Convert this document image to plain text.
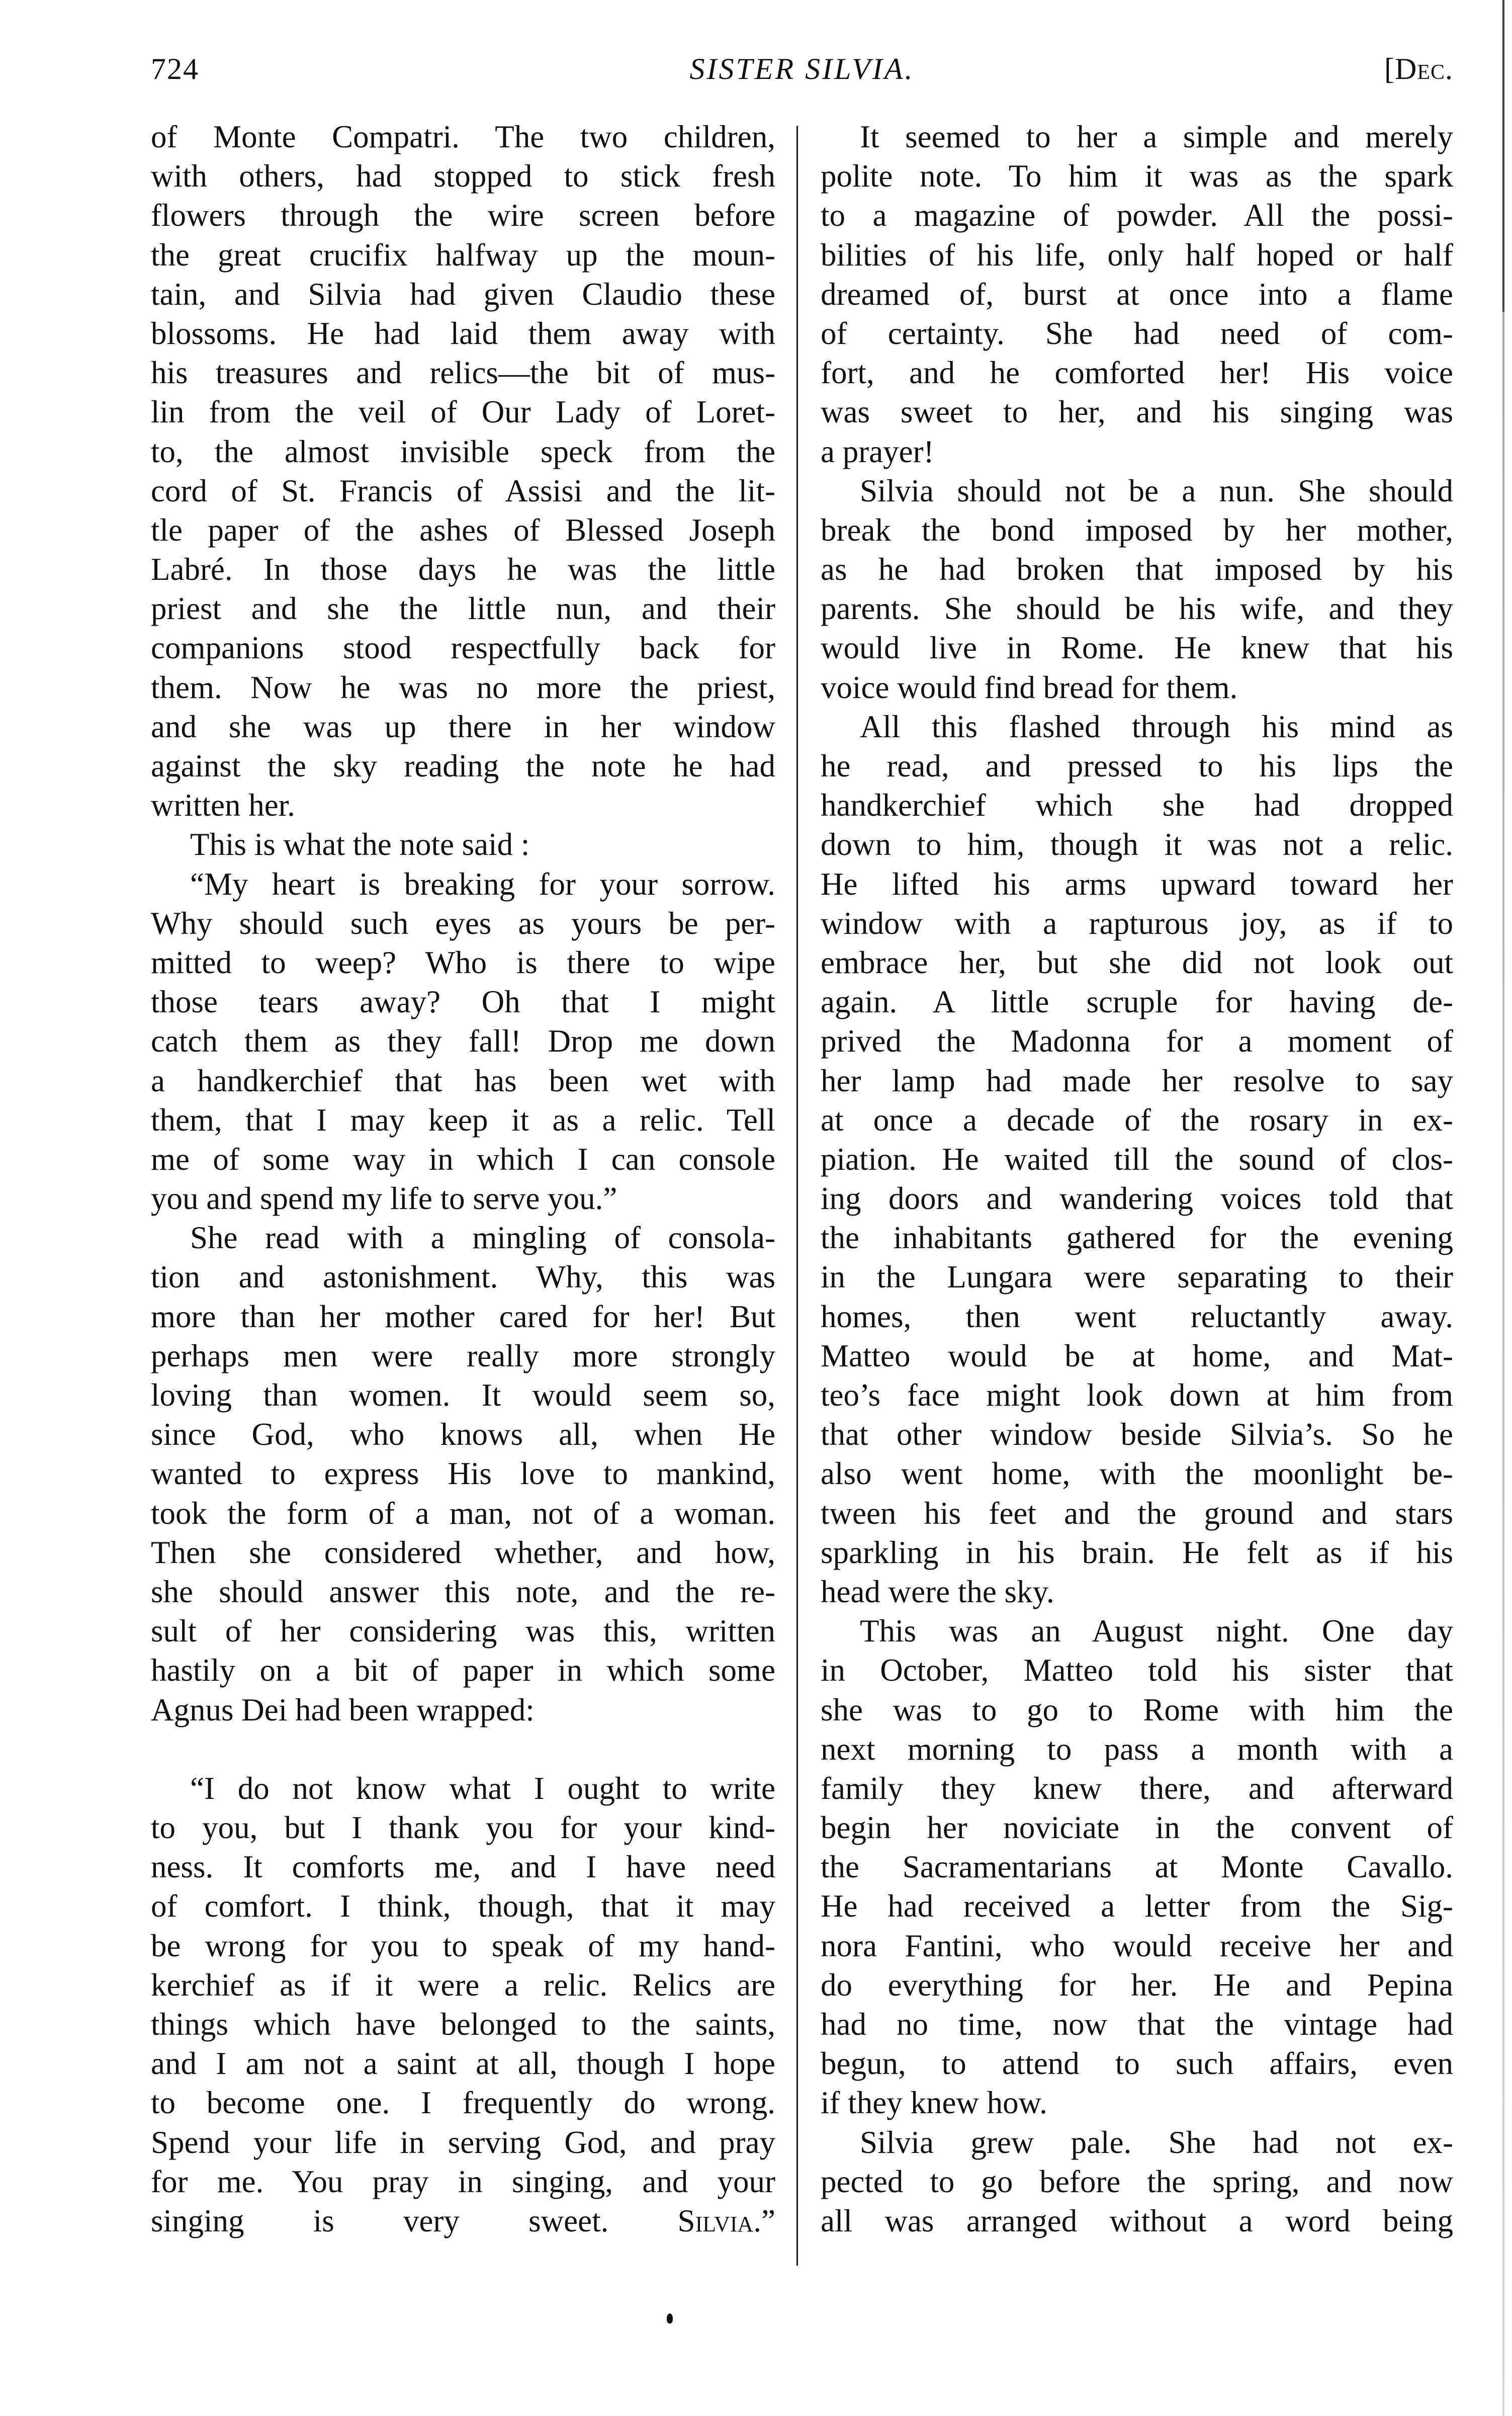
724	SISTER SILVIA.	[Dec.
of Monte Compatri. The two children,
with others, had stopped to stick fresh
flowers through the wire screen before
the great crucifix halfway up the moun-
tain, and Silvia had given Claudio these
blossoms. He had laid them away with
his treasures and relics—the bit of mus-
lin from the veil of Our Lady of Loret-
to, the almost invisible speck from the
cord of St. Francis of Assisi and the lit-
tle paper of the ashes of Blessed Joseph
Labré. In those days he was the little
priest and she the little nun, and their
companions stood respectfully back for
them. Now he was no more the priest,
and she was up there in her window
against the sky reading the note he had
written her.
This is what the note said :
“My heart is breaking for your sorrow.
Why should such eyes as yours be per-
mitted to weep? Who is there to wipe
those tears away? Oh that I might
catch them as they fall! Drop me down
a handkerchief that has been wet with
them, that I may keep it as a relic. Tell
me of some way in which I can console
you and spend my life to serve you.”
She read with a mingling of consola-
tion and astonishment. Why, this was
more than her mother cared for her! But
perhaps men were really more strongly
loving than women. It would seem so,
since God, who knows all, when He
wanted to express His love to mankind,
took the form of a man, not of a woman.
Then she considered whether, and how,
she should answer this note, and the re-
sult of her considering was this, written
hastily on a bit of paper in which some
Agnus Dei had been wrapped:
“I do not know what I ought to write
to you, but I thank you for your kind-
ness. It comforts me, and I have need
of comfort. I think, though, that it may
be wrong for you to speak of my hand-
kerchief as if it were a relic. Relics are
things which have belonged to the saints,
and I am not a saint at all, though I hope
to become one. I frequently do wrong.
Spend your life in serving God, and pray
for me. You pray in singing, and your
singing is very sweet. Silvia.”
It seemed to her a simple and merely
polite note. To him it was as the spark
to a magazine of powder. All the possi-
bilities of his life, only half hoped or half
dreamed of, burst at once into a flame
of certainty. She had need of com-
fort, and he comforted her! His voice
was sweet to her, and his singing was
a prayer!
Silvia should not be a nun. She should
break the bond imposed by her mother,
as he had broken that imposed by his
parents. She should be his wife, and they
would live in Rome. He knew that his
voice would find bread for them.
All this flashed through his mind as
he read, and pressed to his lips the
handkerchief which she had dropped
down to him, though it was not a relic.
He lifted his arms upward toward her
window with a rapturous joy, as if to
embrace her, but she did not look out
again. A little scruple for having de-
prived the Madonna for a moment of
her lamp had made her resolve to say
at once a decade of the rosary in ex-
piation. He waited till the sound of clos-
ing doors and wandering voices told that
the inhabitants gathered for the evening
in the Lungara were separating to their
homes, then went reluctantly away.
Matteo would be at home, and Mat-
teo’s face might look down at him from
that other window beside Silvia’s. So he
also went home, with the moonlight be-
tween his feet and the ground and stars
sparkling in his brain. He felt as if his
head were the sky.
This was an August night. One day
in October, Matteo told his sister that
she was to go to Rome with him the
next morning to pass a month with a
family they knew there, and afterward
begin her noviciate in the convent of
the Sacramentarians at Monte Cavallo.
He had received a letter from the Sig-
nora Fantini, who would receive her and
do everything for her. He and Pepina
had no time, now that the vintage had
begun, to attend to such affairs, even
if they knew how.
Silvia grew pale. She had not ex-
pected to go before the spring, and now
all was arranged without a word being
